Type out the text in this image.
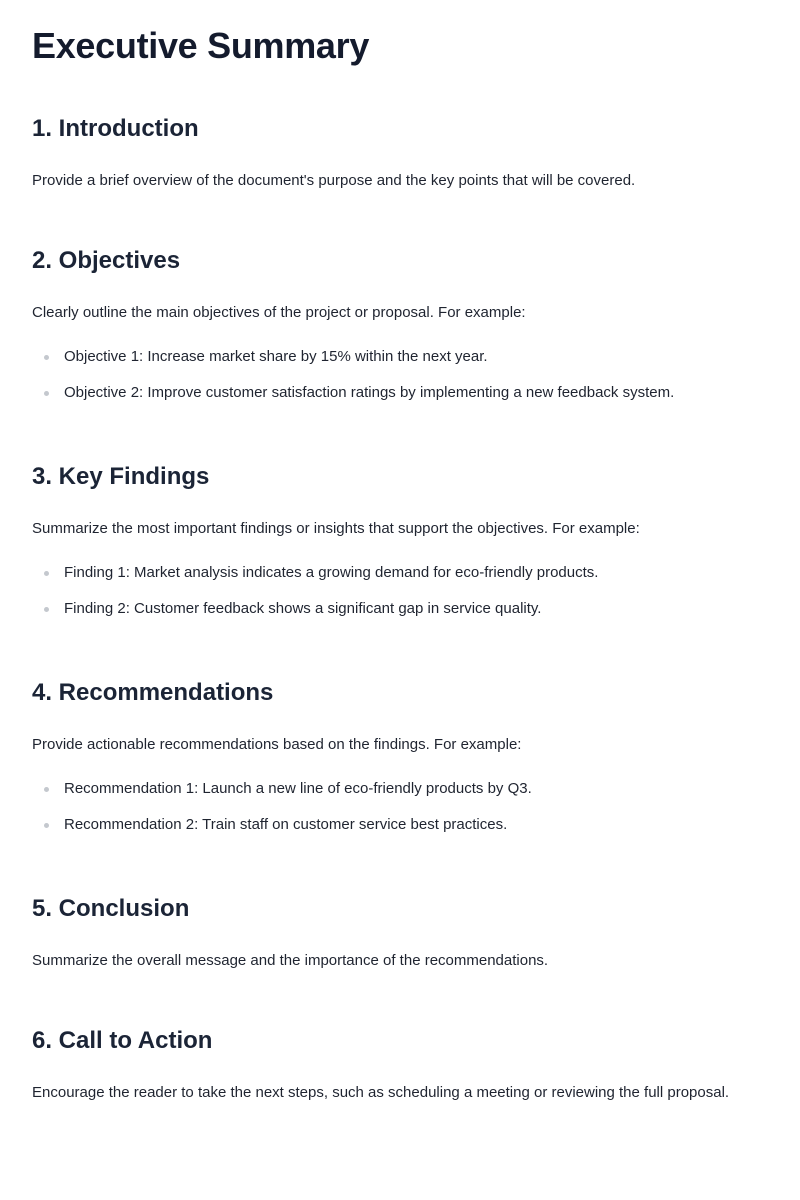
Executive Summary
1. Introduction

Provide a brief overview of the document's purpose and the key points that will be covered.

2. Objectives

Clearly outline the main objectives of the project or proposal. For example:

Objective 1: Increase market share by 15% within the next year.
Objective 2: Improve customer satisfaction ratings by implementing a new feedback system.
3. Key Findings

Summarize the most important findings or insights that support the objectives. For example:

Finding 1: Market analysis indicates a growing demand for eco-friendly products.
Finding 2: Customer feedback shows a significant gap in service quality.
4. Recommendations

Provide actionable recommendations based on the findings. For example:

Recommendation 1: Launch a new line of eco-friendly products by Q3.
Recommendation 2: Train staff on customer service best practices.
5. Conclusion

Summarize the overall message and the importance of the recommendations.

6. Call to Action

Encourage the reader to take the next steps, such as scheduling a meeting or reviewing the full proposal.
